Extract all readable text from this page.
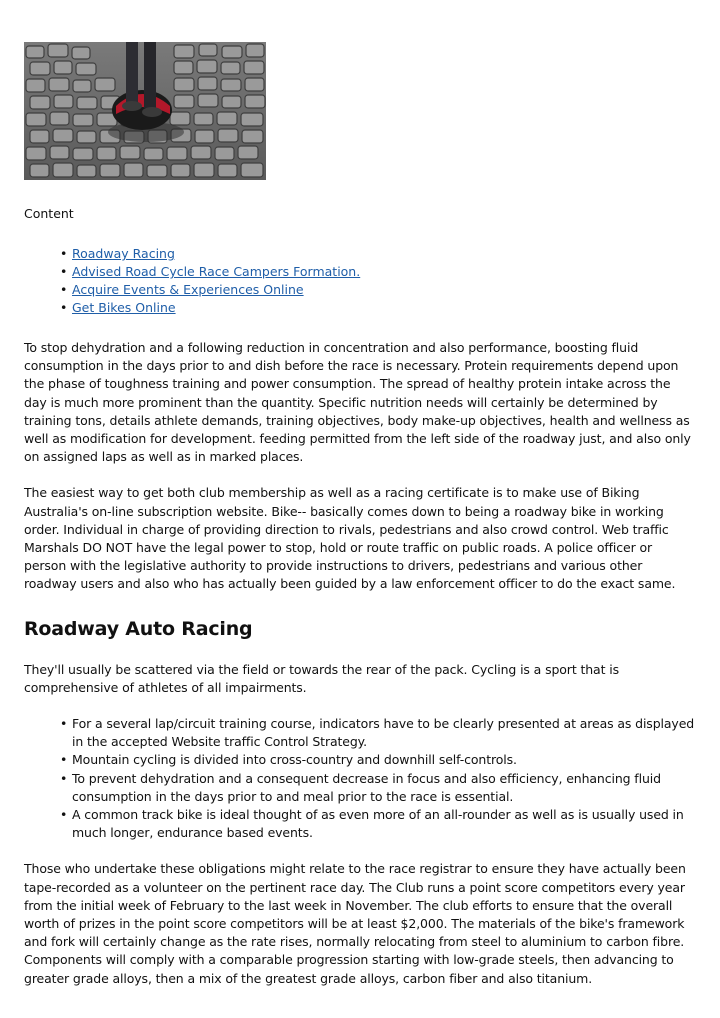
Content

• Roadway Racing
• Advised Road Cycle Race Campers Formation.
• Acquire Events & Experiences Online
• Get Bikes Online

To stop dehydration and a following reduction in concentration and also performance, boosting fluid consumption in the days prior to and dish before the race is necessary. Protein requirements depend upon the phase of toughness training and power consumption. The spread of healthy protein intake across the day is much more prominent than the quantity. Specific nutrition needs will certainly be determined by training tons, details athlete demands, training objectives, body make-up objectives, health and wellness as well as modification for development. feeding permitted from the left side of the roadway just, and also only on assigned laps as well as in marked places.

The easiest way to get both club membership as well as a racing certificate is to make use of Biking Australia's on-line subscription website. Bike-- basically comes down to being a roadway bike in working order. Individual in charge of providing direction to rivals, pedestrians and also crowd control. Web traffic Marshals DO NOT have the legal power to stop, hold or route traffic on public roads. A police officer or person with the legislative authority to provide instructions to drivers, pedestrians and various other roadway users and also who has actually been guided by a law enforcement officer to do the exact same.

Roadway Auto Racing

They'll usually be scattered via the field or towards the rear of the pack. Cycling is a sport that is comprehensive of athletes of all impairments.

• For a several lap/circuit training course, indicators have to be clearly presented at areas as displayed in the accepted Website traffic Control Strategy.
• Mountain cycling is divided into cross-country and downhill self-controls.
• To prevent dehydration and a consequent decrease in focus and also efficiency, enhancing fluid consumption in the days prior to and meal prior to the race is essential.
• A common track bike is ideal thought of as even more of an all-rounder as well as is usually used in much longer, endurance based events.

Those who undertake these obligations might relate to the race registrar to ensure they have actually been tape-recorded as a volunteer on the pertinent race day. The Club runs a point score competitors every year from the initial week of February to the last week in November. The club efforts to ensure that the overall worth of prizes in the point score competitors will be at least $2,000. The materials of the bike's framework and fork will certainly change as the rate rises, normally relocating from steel to aluminium to carbon fibre. Components will comply with a comparable progression starting with low-grade steels, then advancing to greater grade alloys, then a mix of the greatest grade alloys, carbon fiber and also titanium.
